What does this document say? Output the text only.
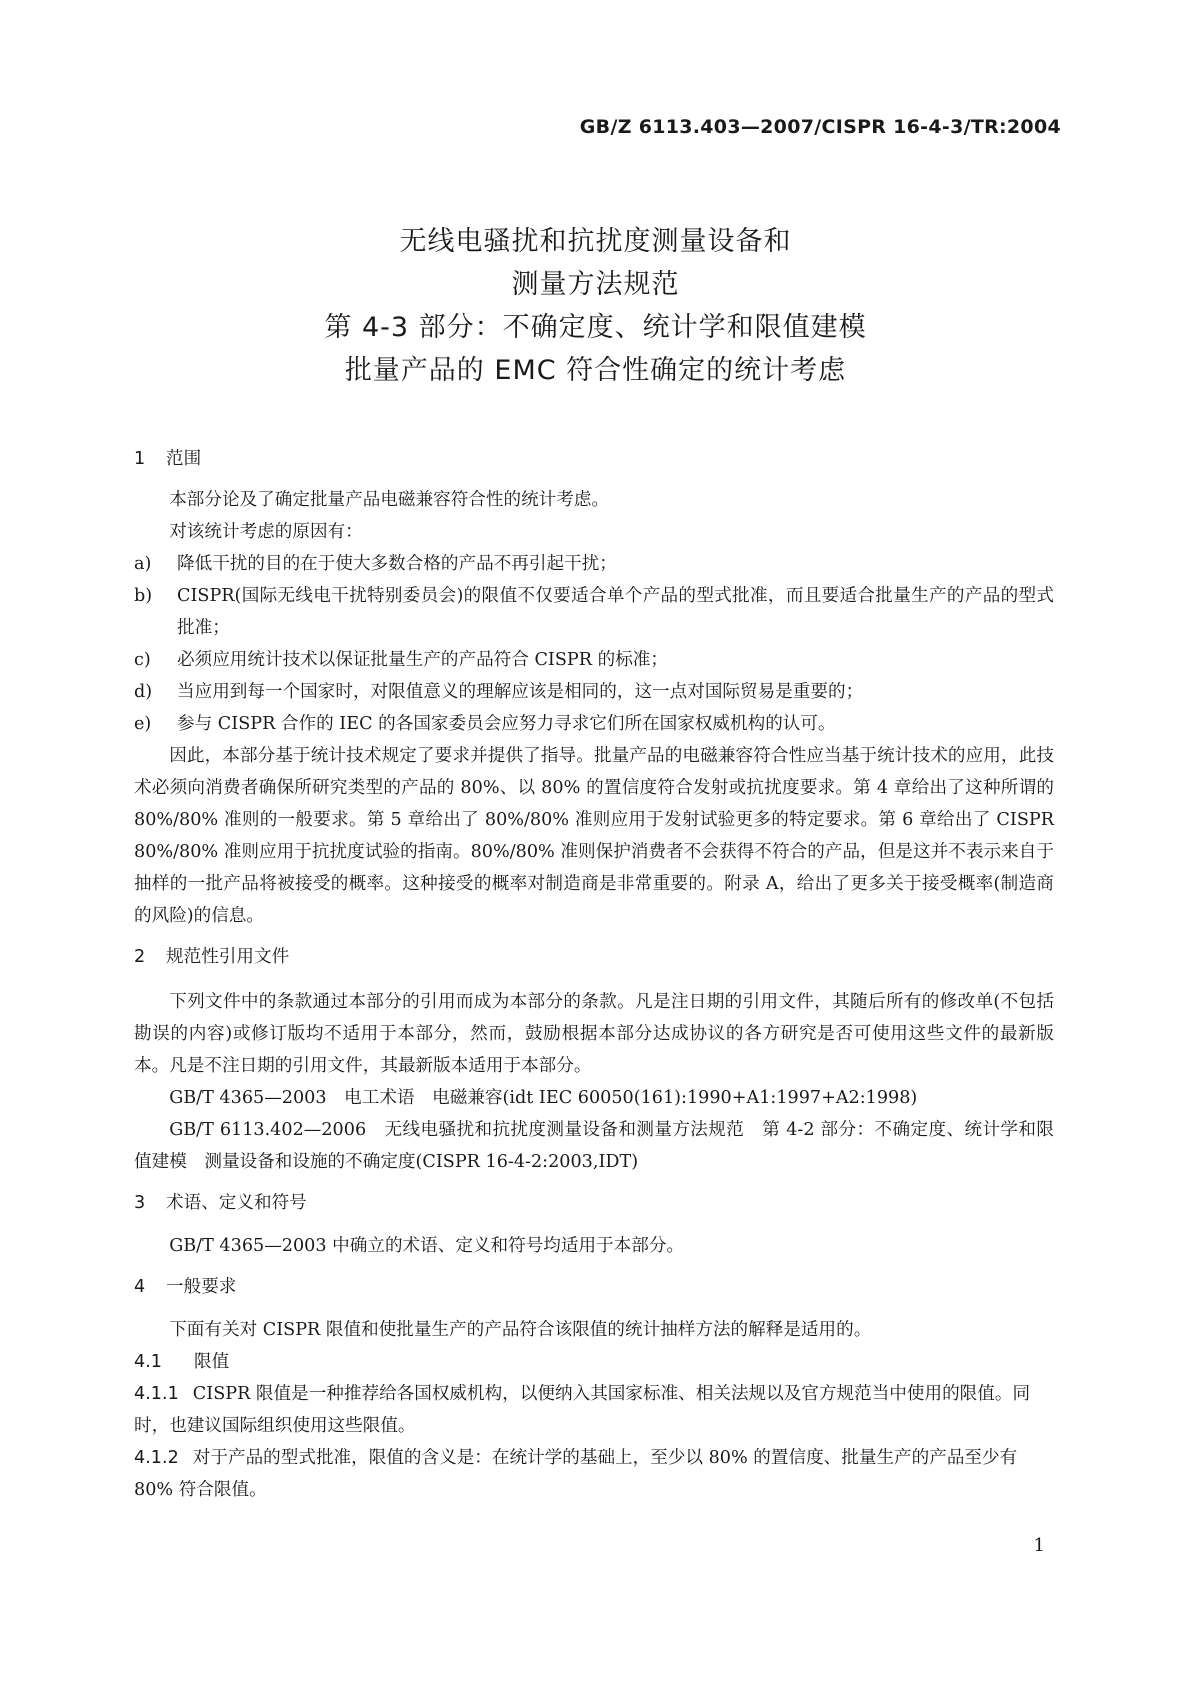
GB/Z 6113.403—2007/CISPR 16-4-3/TR:2004
无线电骚扰和抗扰度测量设备和
测量方法规范
第 4-3 部分：不确定度、统计学和限值建模
批量产品的 EMC 符合性确定的统计考虑
1 范围

本部分论及了确定批量产品电磁兼容符合性的统计考虑。

对该统计考虑的原因有：

a) 降低干扰的目的在于使大多数合格的产品不再引起干扰；

b) CISPR(国际无线电干扰特别委员会)的限值不仅要适合单个产品的型式批准，而且要适合批量生产的产品的型式批准；

c) 必须应用统计技术以保证批量生产的产品符合 CISPR 的标准；

d) 当应用到每一个国家时，对限值意义的理解应该是相同的，这一点对国际贸易是重要的；

e) 参与 CISPR 合作的 IEC 的各国家委员会应努力寻求它们所在国家权威机构的认可。

因此，本部分基于统计技术规定了要求并提供了指导。批量产品的电磁兼容符合性应当基于统计技术的应用，此技术必须向消费者确保所研究类型的产品的 80%、以 80% 的置信度符合发射或抗扰度要求。第 4 章给出了这种所谓的 80%/80% 准则的一般要求。第 5 章给出了 80%/80% 准则应用于发射试验更多的特定要求。第 6 章给出了 CISPR 80%/80% 准则应用于抗扰度试验的指南。80%/80% 准则保护消费者不会获得不符合的产品，但是这并不表示来自于抽样的一批产品将被接受的概率。这种接受的概率对制造商是非常重要的。附录 A，给出了更多关于接受概率(制造商的风险)的信息。

2 规范性引用文件

下列文件中的条款通过本部分的引用而成为本部分的条款。凡是注日期的引用文件，其随后所有的修改单(不包括勘误的内容)或修订版均不适用于本部分，然而，鼓励根据本部分达成协议的各方研究是否可使用这些文件的最新版本。凡是不注日期的引用文件，其最新版本适用于本部分。

GB/T 4365—2003　电工术语　电磁兼容(idt IEC 60050(161):1990+A1:1997+A2:1998)

GB/T 6113.402—2006　无线电骚扰和抗扰度测量设备和测量方法规范　第 4-2 部分：不确定度、统计学和限值建模　测量设备和设施的不确定度(CISPR 16-4-2:2003,IDT)

3 术语、定义和符号

GB/T 4365—2003 中确立的术语、定义和符号均适用于本部分。

4 一般要求

下面有关对 CISPR 限值和使批量生产的产品符合该限值的统计抽样方法的解释是适用的。

4.1 限值

4.1.1 CISPR 限值是一种推荐给各国权威机构，以便纳入其国家标准、相关法规以及官方规范当中使用的限值。同时，也建议国际组织使用这些限值。

4.1.2 对于产品的型式批准，限值的含义是：在统计学的基础上，至少以 80% 的置信度、批量生产的产品至少有 80% 符合限值。

1
